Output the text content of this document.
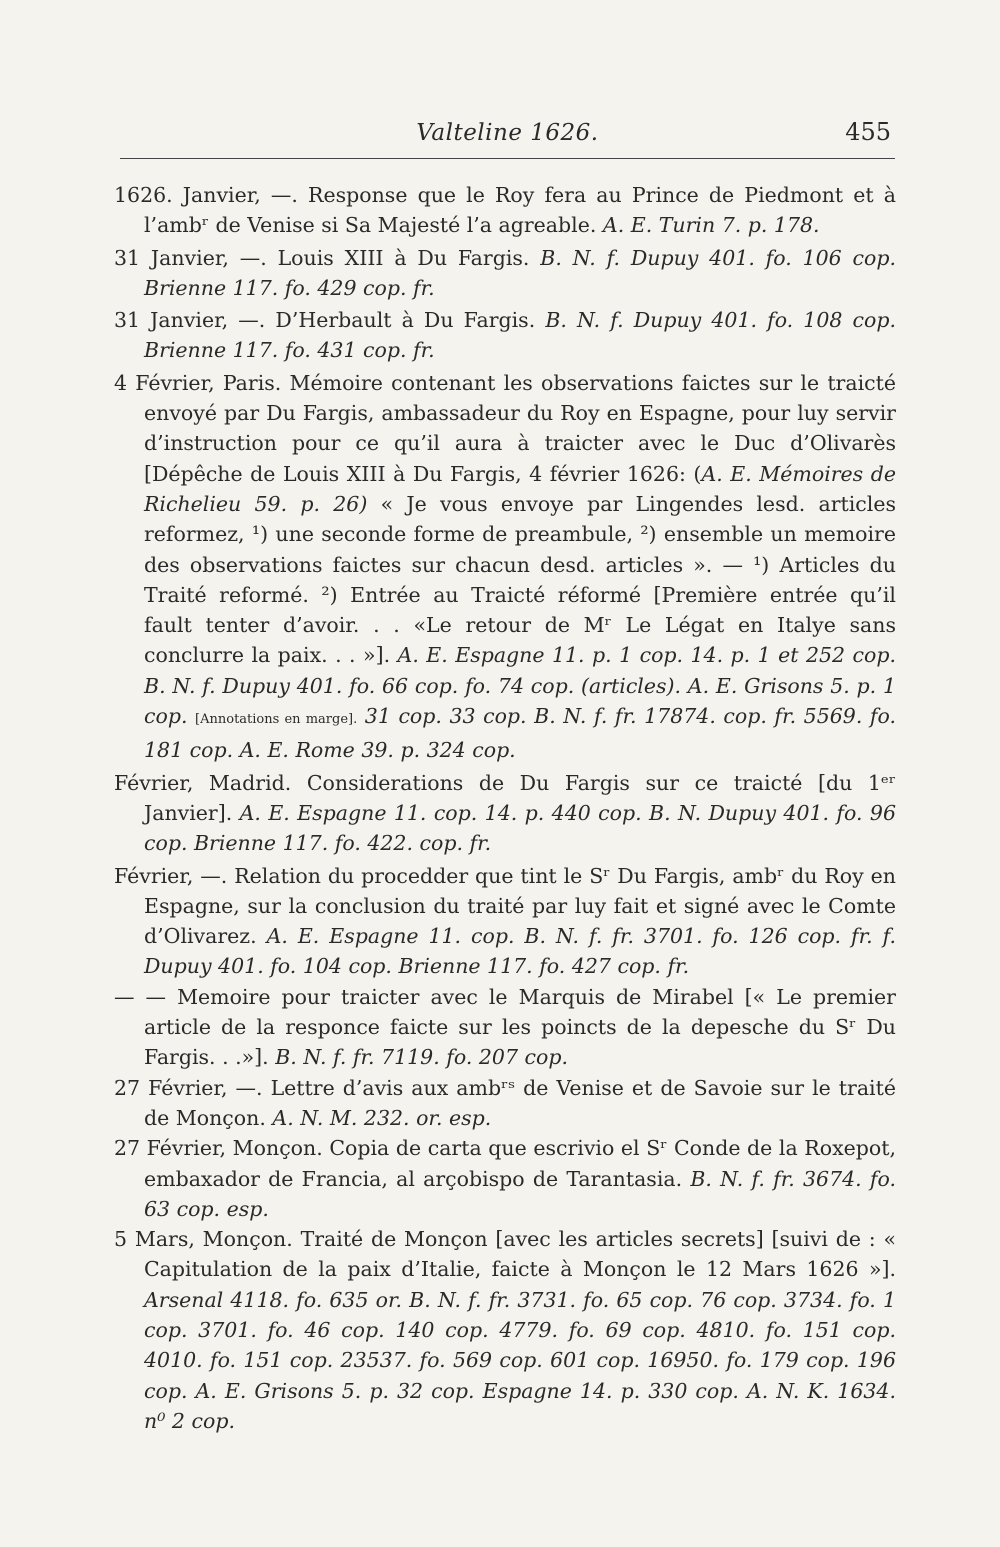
Valteline 1626.	455

1626. Janvier, —. Response que le Roy fera au Prince de Piedmont et à l’ambʳ de Venise si Sa Majesté l’a agreable. A. E. Turin 7. p. 178.

31 Janvier, —. Louis XIII à Du Fargis. B. N. f. Dupuy 401. fo. 106 cop. Brienne 117. fo. 429 cop. fr.

31 Janvier, —. D’Herbault à Du Fargis. B. N. f. Dupuy 401. fo. 108 cop. Brienne 117. fo. 431 cop. fr.

4 Février, Paris. Mémoire contenant les observations faictes sur le traicté envoyé par Du Fargis, ambassadeur du Roy en Espagne, pour luy servir d’instruction pour ce qu’il aura à traicter avec le Duc d’Olivarès [Dépêche de Louis XIII à Du Fargis, 4 février 1626: (A. E. Mémoires de Richelieu 59. p. 26) « Je vous envoye par Lingendes lesd. articles reformez, ¹) une seconde forme de preambule, ²) ensemble un memoire des observations faictes sur chacun desd. articles ». — ¹) Articles du Traité reformé. ²) Entrée au Traicté réformé [Première entrée qu’il fault tenter d’avoir. . . «Le retour de Mʳ Le Légat en Italye sans conclurre la paix. . . »]. A. E. Espagne 11. p. 1 cop. 14. p. 1 et 252 cop. B. N. f. Dupuy 401. fo. 66 cop. fo. 74 cop. (articles). A. E. Grisons 5. p. 1 cop. [Annotations en marge]. 31 cop. 33 cop. B. N. f. fr. 17874. cop. fr. 5569. fo. 181 cop. A. E. Rome 39. p. 324 cop.

Février, Madrid. Considerations de Du Fargis sur ce traicté [du 1ᵉʳ Janvier]. A. E. Espagne 11. cop. 14. p. 440 cop. B. N. Dupuy 401. fo. 96 cop. Brienne 117. fo. 422. cop. fr.

Février, —. Relation du procedder que tint le Sʳ Du Fargis, ambʳ du Roy en Espagne, sur la conclusion du traité par luy fait et signé avec le Comte d’Olivarez. A. E. Espagne 11. cop. B. N. f. fr. 3701. fo. 126 cop. fr. f. Dupuy 401. fo. 104 cop. Brienne 117. fo. 427 cop. fr.

— — Memoire pour traicter avec le Marquis de Mirabel [« Le premier article de la responce faicte sur les poincts de la depesche du Sʳ Du Fargis. . .»]. B. N. f. fr. 7119. fo. 207 cop.

27 Février, —. Lettre d’avis aux ambʳˢ de Venise et de Savoie sur le traité de Monçon. A. N. M. 232. or. esp.

27 Février, Monçon. Copia de carta que escrivio el Sʳ Conde de la Roxepot, embaxador de Francia, al arçobispo de Tarantasia. B. N. f. fr. 3674. fo. 63 cop. esp.

5 Mars, Monçon. Traité de Monçon [avec les articles secrets] [suivi de : « Capitulation de la paix d’Italie, faicte à Monçon le 12 Mars 1626 »]. Arsenal 4118. fo. 635 or. B. N. f. fr. 3731. fo. 65 cop. 76 cop. 3734. fo. 1 cop. 3701. fo. 46 cop. 140 cop. 4779. fo. 69 cop. 4810. fo. 151 cop. 4010. fo. 151 cop. 23537. fo. 569 cop. 601 cop. 16950. fo. 179 cop. 196 cop. A. E. Grisons 5. p. 32 cop. Espagne 14. p. 330 cop. A. N. K. 1634. n⁰ 2 cop.
